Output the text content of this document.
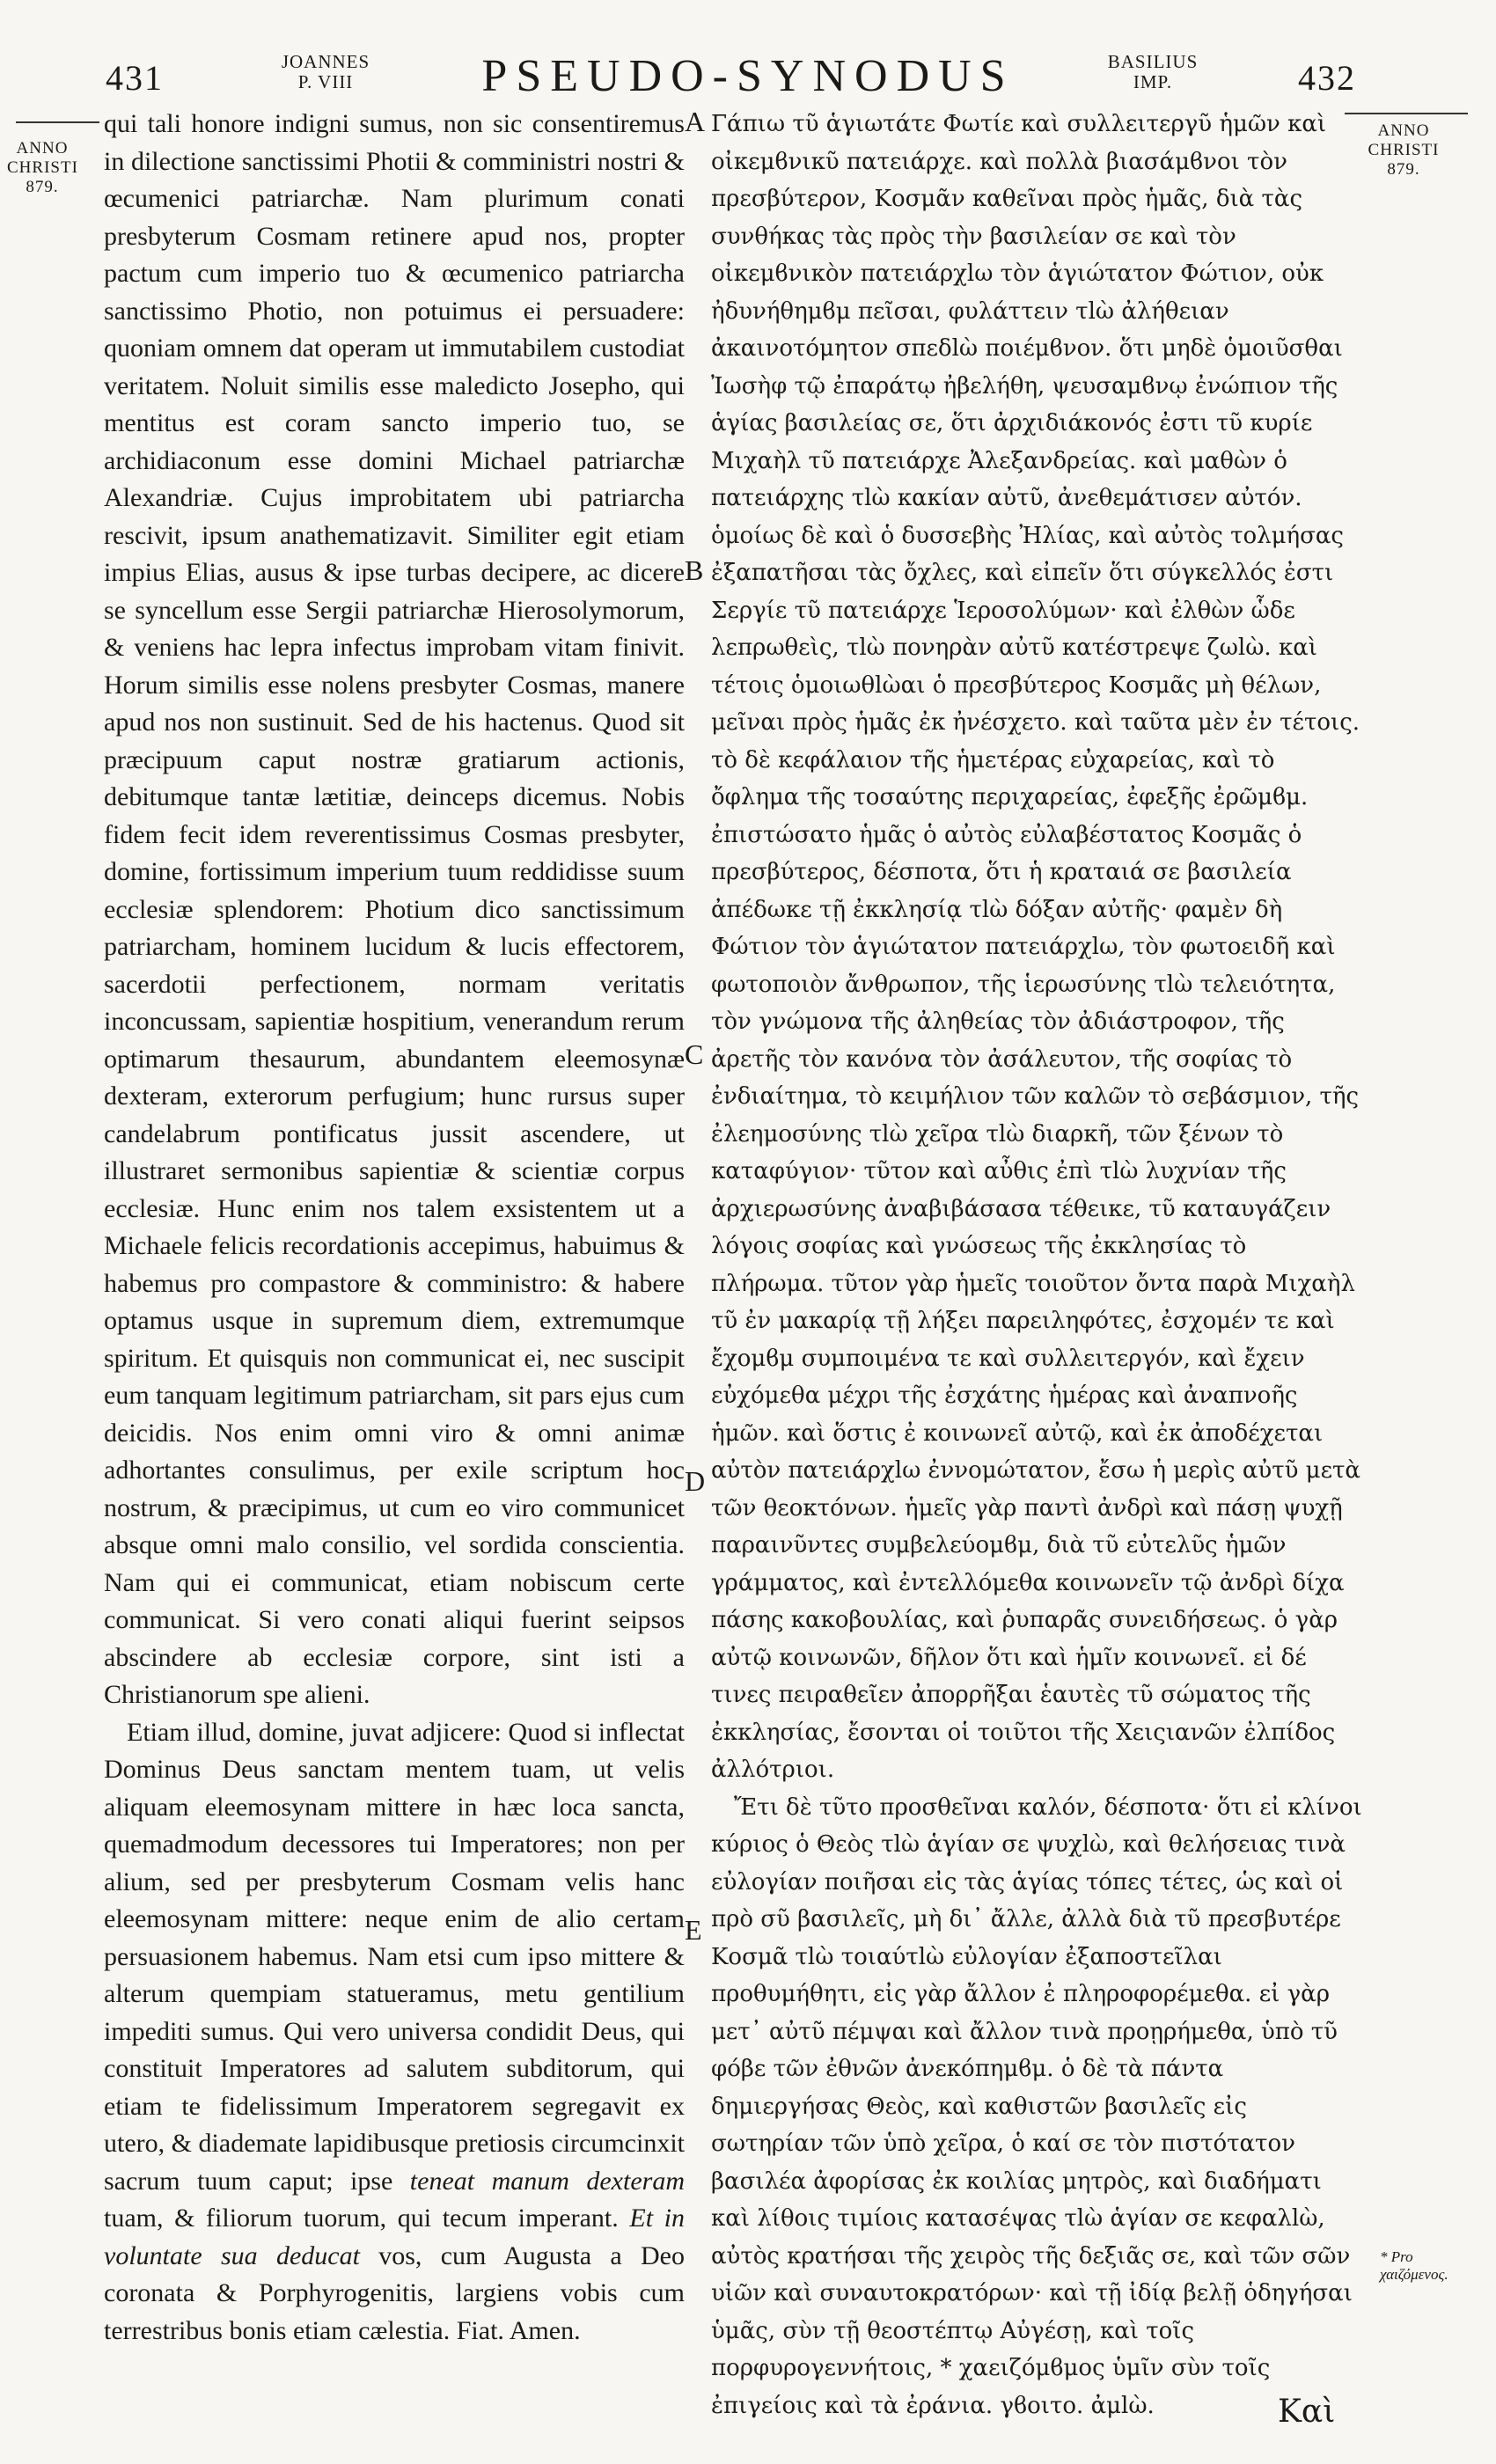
431	JOANNES
P. VIII	PSEUDO-SYNODUS	BASILIUS
IMP.	432
ANNO
CHRISTI
879.
ANNO
CHRISTI
879.
A
B
C
D
E

qui tali honore indigni sumus, non sic consentiremus in dilectione sanctissimi Photii & comministri nostri & œcumenici patriarchæ. Nam plurimum conati presbyterum Cosmam retinere apud nos, propter pactum cum imperio tuo & œcumenico patriarcha sanctissimo Photio, non potuimus ei persuadere: quoniam omnem dat operam ut immutabilem custodiat veritatem. Noluit similis esse maledicto Josepho, qui mentitus est coram sancto imperio tuo, se archidiaconum esse domini Michael patriarchæ Alexandriæ. Cujus improbitatem ubi patriarcha rescivit, ipsum anathematizavit. Similiter egit etiam impius Elias, ausus & ipse turbas decipere, ac dicere se syncellum esse Sergii patriarchæ Hierosolymorum, & veniens hac lepra infectus improbam vitam finivit. Horum similis esse nolens presbyter Cosmas, manere apud nos non sustinuit. Sed de his hactenus. Quod sit præcipuum caput nostræ gratiarum actionis, debitumque tantæ lætitiæ, deinceps dicemus. Nobis fidem fecit idem reverentissimus Cosmas presbyter, domine, fortissimum imperium tuum reddidisse suum ecclesiæ splendorem: Photium dico sanctissimum patriarcham, hominem lucidum & lucis effectorem, sacerdotii perfectionem, normam veritatis inconcussam, sapientiæ hospitium, venerandum rerum optimarum thesaurum, abundantem eleemosynæ dexteram, exterorum perfugium; hunc rursus super candelabrum pontificatus jussit ascendere, ut illustraret sermonibus sapientiæ & scientiæ corpus ecclesiæ. Hunc enim nos talem exsistentem ut a Michaele felicis recordationis accepimus, habuimus & habemus pro compastore & comministro: & habere optamus usque in supremum diem, extremumque spiritum. Et quisquis non communicat ei, nec suscipit eum tanquam legitimum patriarcham, sit pars ejus cum deicidis. Nos enim omni viro & omni animæ adhortantes consulimus, per exile scriptum hoc nostrum, & præcipimus, ut cum eo viro communicet absque omni malo consilio, vel sordida conscientia. Nam qui ei communicat, etiam nobiscum certe communicat. Si vero conati aliqui fuerint seipsos abscindere ab ecclesiæ corpore, sint isti a Christianorum spe alieni.

Etiam illud, domine, juvat adjicere: Quod si inflectat Dominus Deus sanctam mentem tuam, ut velis aliquam eleemosynam mittere in hæc loca sancta, quemadmodum decessores tui Imperatores; non per alium, sed per presbyterum Cosmam velis hanc eleemosynam mittere: neque enim de alio certam persuasionem habemus. Nam etsi cum ipso mittere & alterum quempiam statueramus, metu gentilium impediti sumus. Qui vero universa condidit Deus, qui constituit Imperatores ad salutem subditorum, qui etiam te fidelissimum Imperatorem segregavit ex utero, & diademate lapidibusque pretiosis circumcinxit sacrum tuum caput; ipse teneat manum dexteram tuam, & filiorum tuorum, qui tecum imperant. Et in voluntate sua deducat vos, cum Augusta a Deo coronata & Porphyrogenitis, largiens vobis cum terrestribus bonis etiam cælestia. Fiat. Amen.

Γάπιω τῦ ἁγιωτάτε Φωτίε καὶ συλλειτεργῦ ἡμῶν καὶ οἰκεμϐνικῦ πατειάρχε. καὶ πολλὰ βιασάμϐνοι τὸν πρεσβύτερον, Κοσμᾶν καθεῖναι πρὸς ἡμᾶς, διὰ τὰς συνθήκας τὰς πρὸς τὴν βασιλείαν σε καὶ τὸν οἰκεμϐνικὸν πατειάρχlω τὸν ἁγιώτατον Φώτιον, οὐκ ἠδυνήθημϐμ πεῖσαι, φυλάττειν τlὼ ἀλήθειαν ἀκαινοτόμητον σπεδlὼ ποιέμϐνον. ὅτι μηδὲ ὁμοιῦσθαι Ἰωσὴφ τῷ ἐπαράτῳ ἠβελήθη, ψευσαμϐνῳ ἐνώπιον τῆς ἁγίας βασιλείας σε, ὅτι ἀρχιδιάκονός ἐστι τῦ κυρίε Μιχαὴλ τῦ πατειάρχε Ἀλεξανδρείας. καὶ μαθὼν ὁ πατειάρχης τlὼ κακίαν αὐτῦ, ἀνεθεμάτισεν αὐτόν. ὁμοίως δὲ καὶ ὁ δυσσεβὴς Ἠλίας, καὶ αὐτὸς τολμήσας ἐξαπατῆσαι τὰς ὄχλες, καὶ εἰπεῖν ὅτι σύγκελλός ἐστι Σεργίε τῦ πατειάρχε Ἱεροσολύμων· καὶ ἐλθὼν ὧδε λεπρωθεὶς, τlὼ πονηρὰν αὐτῦ κατέστρεψε ζωlὼ. καὶ τέτοις ὁμοιωθlὼαι ὁ πρεσβύτερος Κοσμᾶς μὴ θέλων, μεῖναι πρὸς ἡμᾶς ἐκ ἠνέσχετο. καὶ ταῦτα μὲν ἐν τέτοις. τὸ δὲ κεφάλαιον τῆς ἡμετέρας εὐχαρείας, καὶ τὸ ὄφλημα τῆς τοσαύτης περιχαρείας, ἐφεξῆς ἐρῶμϐμ. ἐπιστώσατο ἡμᾶς ὁ αὐτὸς εὐλαβέστατος Κοσμᾶς ὁ πρεσβύτερος, δέσποτα, ὅτι ἡ κραταιά σε βασιλεία ἀπέδωκε τῇ ἐκκλησίᾳ τlὼ δόξαν αὐτῆς· φαμὲν δὴ Φώτιον τὸν ἁγιώτατον πατειάρχlω, τὸν φωτοειδῆ καὶ φωτοποιὸν ἄνθρωπον, τῆς ἱερωσύνης τlὼ τελειότητα, τὸν γνώμονα τῆς ἀληθείας τὸν ἀδιάστροφον, τῆς ἀρετῆς τὸν κανόνα τὸν ἀσάλευτον, τῆς σοφίας τὸ ἐνδιαίτημα, τὸ κειμήλιον τῶν καλῶν τὸ σεβάσμιον, τῆς ἐλεημοσύνης τlὼ χεῖρα τlὼ διαρκῆ, τῶν ξένων τὸ καταφύγιον· τῦτον καὶ αὖθις ἐπὶ τlὼ λυχνίαν τῆς ἀρχιερωσύνης ἀναβιβάσασα τέθεικε, τῦ καταυγάζειν λόγοις σοφίας καὶ γνώσεως τῆς ἐκκλησίας τὸ πλήρωμα. τῦτον γὰρ ἡμεῖς τοιοῦτον ὄντα παρὰ Μιχαὴλ τῦ ἐν μακαρίᾳ τῇ λήξει παρειληφότες, ἐσχομέν τε καὶ ἔχομϐμ συμποιμένα τε καὶ συλλειτεργόν, καὶ ἔχειν εὐχόμεθα μέχρι τῆς ἐσχάτης ἡμέρας καὶ ἀναπνοῆς ἡμῶν. καὶ ὅστις ἐ κοινωνεῖ αὐτῷ, καὶ ἐκ ἀποδέχεται αὐτὸν πατειάρχlω ἐννομώτατον, ἔσω ἡ μερὶς αὐτῦ μετὰ τῶν θεοκτόνων. ἡμεῖς γὰρ παντὶ ἀνδρὶ καὶ πάσῃ ψυχῇ παραινῦντες συμβελεύομϐμ, διὰ τῦ εὐτελῦς ἡμῶν γράμματος, καὶ ἐντελλόμεθα κοινωνεῖν τῷ ἀνδρὶ δίχα πάσης κακοβουλίας, καὶ ῥυπαρᾶς συνειδήσεως. ὁ γὰρ αὐτῷ κοινωνῶν, δῆλον ὅτι καὶ ἡμῖν κοινωνεῖ. εἰ δέ τινες πειραθεῖεν ἀπορρῆξαι ἑαυτὲς τῦ σώματος τῆς ἐκκλησίας, ἔσονται οἱ τοιῦτοι τῆς Χειςιανῶν ἐλπίδος ἀλλότριοι.

Ἔτι δὲ τῦτο προσθεῖναι καλόν, δέσποτα· ὅτι εἰ κλίνοι κύριος ὁ Θεὸς τlὼ ἁγίαν σε ψυχlὼ, καὶ θελήσειας τινὰ εὐλογίαν ποιῆσαι εἰς τὰς ἁγίας τόπες τέτες, ὡς καὶ οἱ πρὸ σῦ βασιλεῖς, μὴ δι᾽ ἄλλε, ἀλλὰ διὰ τῦ πρεσβυτέρε Κοσμᾶ τlὼ τοιαύτlὼ εὐλογίαν ἐξαποστεῖλαι προθυμήθητι, εἰς γὰρ ἄλλον ἐ πληροφορέμεθα. εἰ γὰρ μετ᾽ αὐτῦ πέμψαι καὶ ἄλλον τινὰ προῃρήμεθα, ὑπὸ τῦ φόβε τῶν ἐθνῶν ἀνεκόπημϐμ. ὁ δὲ τὰ πάντα δημιεργήσας Θεὸς, καὶ καθιστῶν βασιλεῖς εἰς σωτηρίαν τῶν ὑπὸ χεῖρα, ὁ καί σε τὸν πιστότατον βασιλέα ἀφορίσας ἐκ κοιλίας μητρὸς, καὶ διαδήματι καὶ λίθοις τιμίοις κατασέψας τlὼ ἁγίαν σε κεφαλlὼ, αὐτὸς κρατήσαι τῆς χειρὸς τῆς δεξιᾶς σε, καὶ τῶν σῶν υἱῶν καὶ συναυτοκρατόρων· καὶ τῇ ἰδίᾳ βελῇ ὁδηγήσαι ὑμᾶς, σὺν τῇ θεοστέπτῳ Αὐγέσῃ, καὶ τοῖς πορφυρογεννήτοις, * χαειζόμϐμος ὑμῖν σὺν τοῖς ἐπιγείοις καὶ τὰ ἐράνια. γϐοιτο. ἀμlὼ.

* Pro χαιζόμενος.
Καὶ
